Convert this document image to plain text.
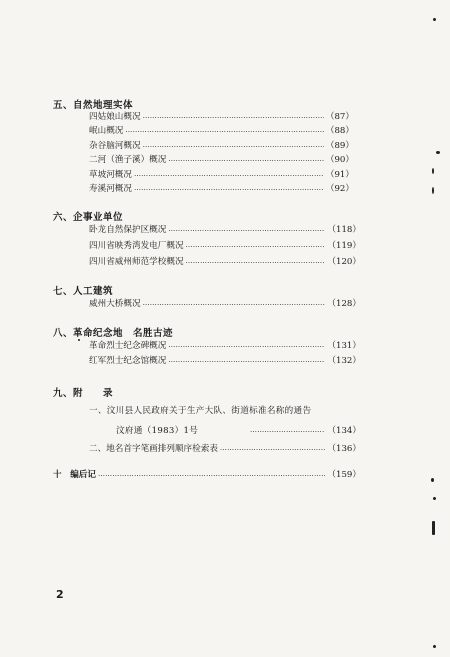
五、自然地理实体
四姑娘山概况 …………………………………………………………………………………………………………………………………………………………	（87）
岷山概况 …………………………………………………………………………………………………………………………………………………………	（88）
杂谷脑河概况 …………………………………………………………………………………………………………………………………………………………	（89）
二河（渔子溪）概况 …………………………………………………………………………………………………………………………………………………………	（90）
草坡河概况 …………………………………………………………………………………………………………………………………………………………	（91）
寿溪河概况 …………………………………………………………………………………………………………………………………………………………	（92）
六、企事业单位
卧龙自然保护区概况 …………………………………………………………………………………………………………………………………………………………	（118）
四川省映秀湾发电厂概况 …………………………………………………………………………………………………………………………………………………………	（119）
四川省威州师范学校概况 …………………………………………………………………………………………………………………………………………………………	（120）
七、人工建筑
威州大桥概况 …………………………………………………………………………………………………………………………………………………………	（128）
八、革命纪念地　名胜古迹
革命烈士纪念碑概况 …………………………………………………………………………………………………………………………………………………………	（131）
红军烈士纪念馆概况 …………………………………………………………………………………………………………………………………………………………	（132）
九、附　　录
一、汶川县人民政府关于生产大队、街道标准名称的通告
汶府通（1983）1号 …………………………………………………………………………………………………………………………………………………………	（134）
二、地名首字笔画排列顺序检索表 …………………………………………………………………………………………………………………………………………………………	（136）
十　编后记 …………………………………………………………………………………………………………………………………………………………	（159）
2
